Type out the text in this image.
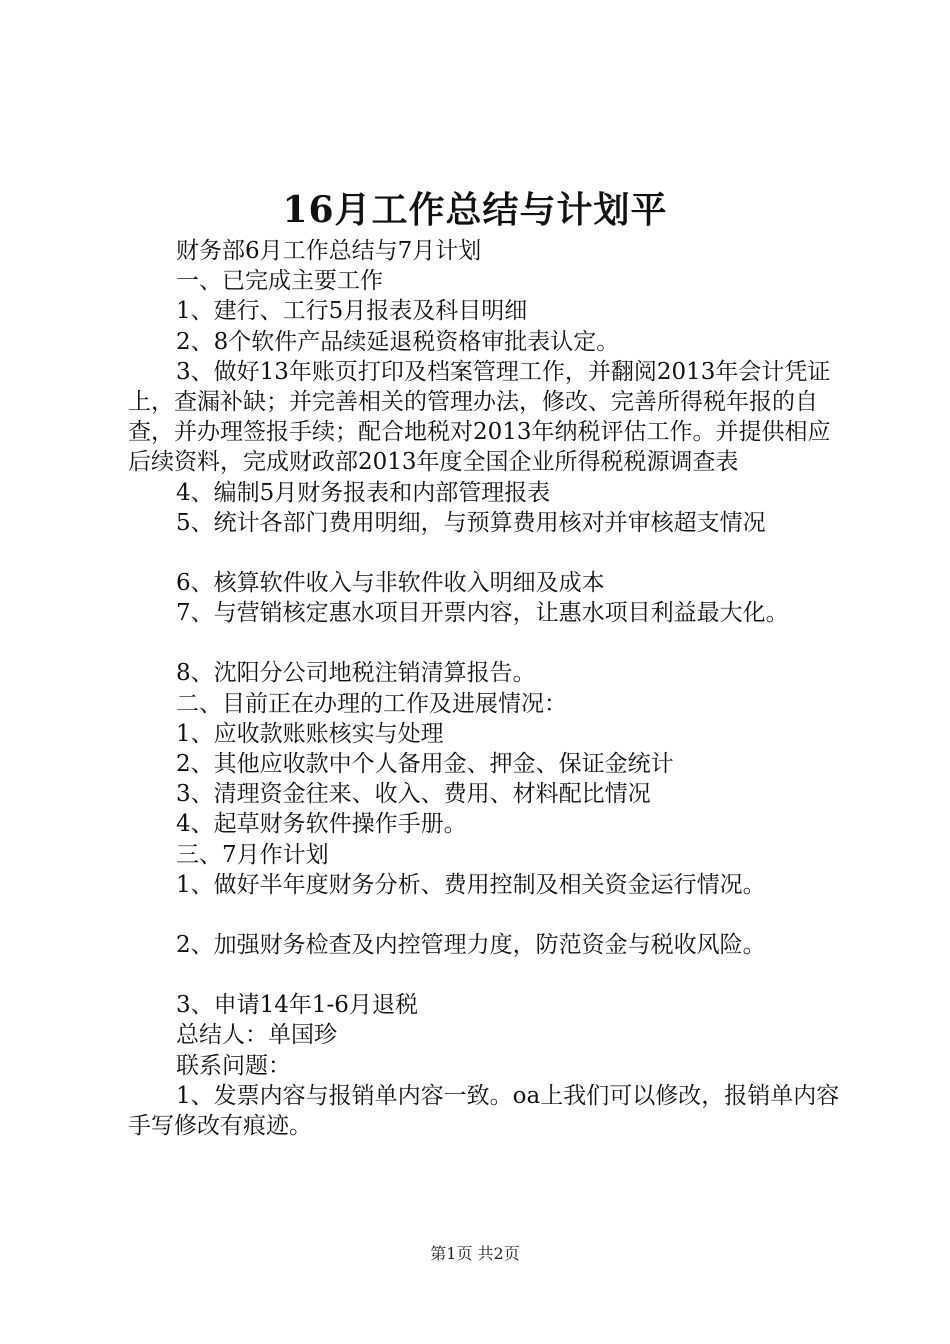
16月工作总结与计划平

财务部6月工作总结与7月计划

一、已完成主要工作

1、建行、工行5月报表及科目明细

2、8个软件产品续延退税资格审批表认定。

3、做好13年账页打印及档案管理工作，并翻阅2013年会计凭证上，查漏补缺；并完善相关的管理办法，修改、完善所得税年报的自查，并办理签报手续；配合地税对2013年纳税评估工作。并提供相应后续资料，完成财政部2013年度全国企业所得税税源调查表

4、编制5月财务报表和内部管理报表

5、统计各部门费用明细，与预算费用核对并审核超支情况

6、核算软件收入与非软件收入明细及成本

7、与营销核定惠水项目开票内容，让惠水项目利益最大化。

8、沈阳分公司地税注销清算报告。

二、目前正在办理的工作及进展情况：

1、应收款账账核实与处理

2、其他应收款中个人备用金、押金、保证金统计

3、清理资金往来、收入、费用、材料配比情况

4、起草财务软件操作手册。

三、7月作计划

1、做好半年度财务分析、费用控制及相关资金运行情况。

2、加强财务检查及内控管理力度，防范资金与税收风险。

3、申请14年1-6月退税

总结人：单国珍

联系问题：

1、发票内容与报销单内容一致。oa上我们可以修改，报销单内容手写修改有痕迹。

第1页 共2页
